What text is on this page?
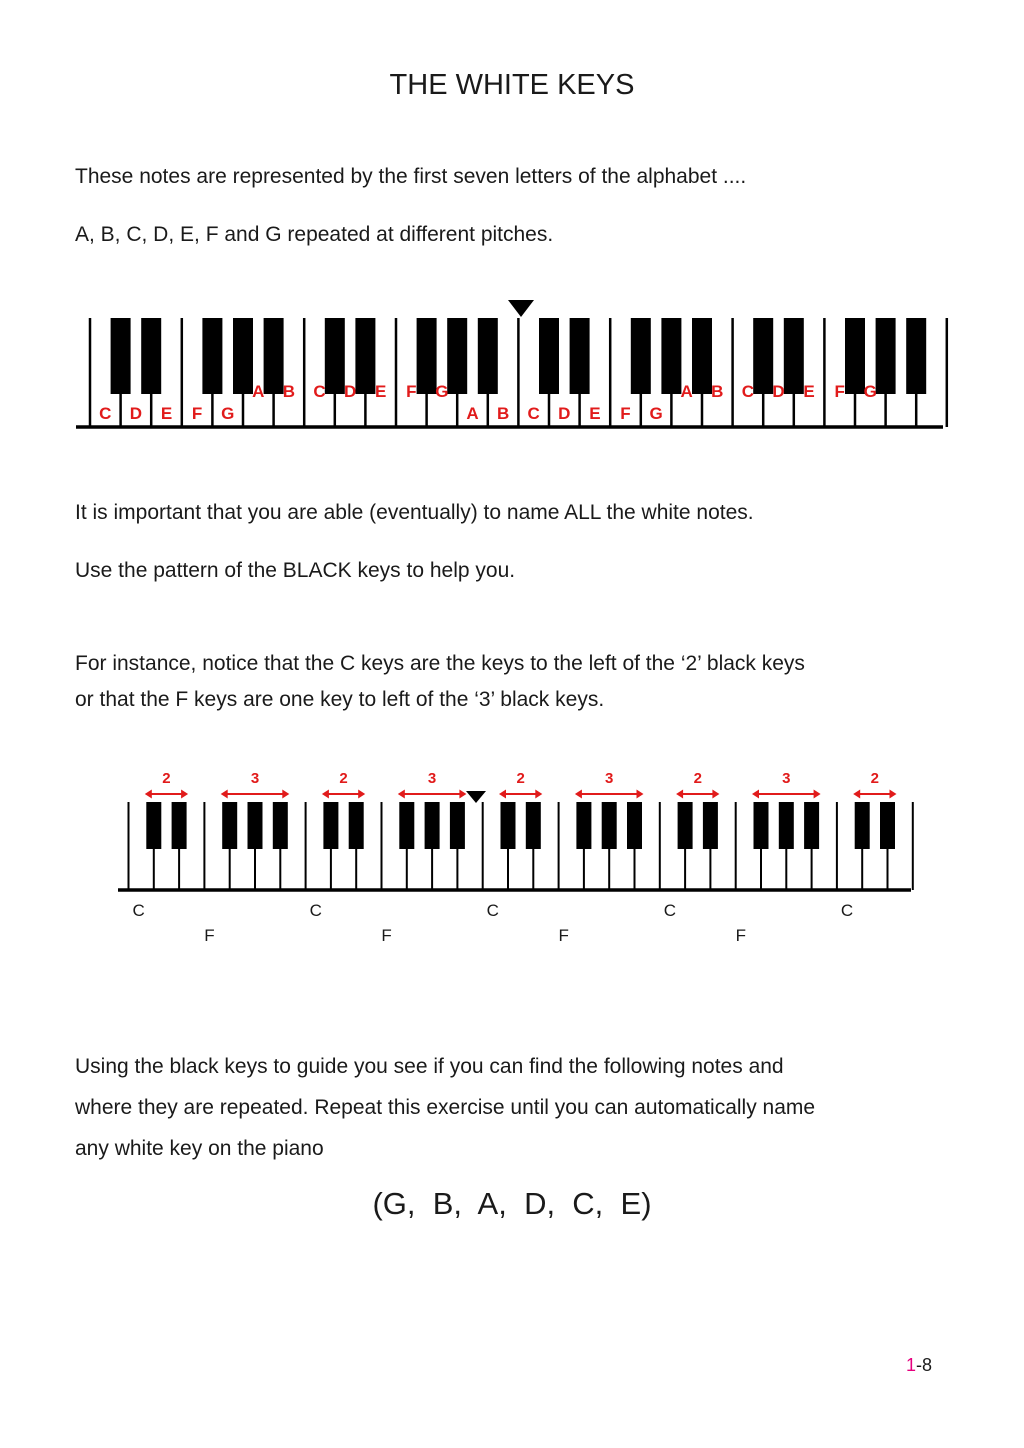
THE WHITE KEYS
These notes are represented by the first seven letters of the alphabet ....
A, B, C, D, E, F and G repeated at different pitches.
C D E F G
A B C D E F G
A B C D E F G
A B C D E F G
It is important that you are able (eventually) to name ALL the white notes.
Use the pattern of the BLACK keys to help you.
For instance, notice that the C keys are the keys to the left of the ‘2’ black keys
or that the F keys are one key to left of the ‘3’ black keys.
2	3	2	3	2	3	2	3	2
C	C	C	C	C
F	F	F	F
Using the black keys to guide you see if you can find the following notes and
where they are repeated. Repeat this exercise until you can automatically name
any white key on the piano
(G,  B,  A,  D,  C,  E)
1-8
